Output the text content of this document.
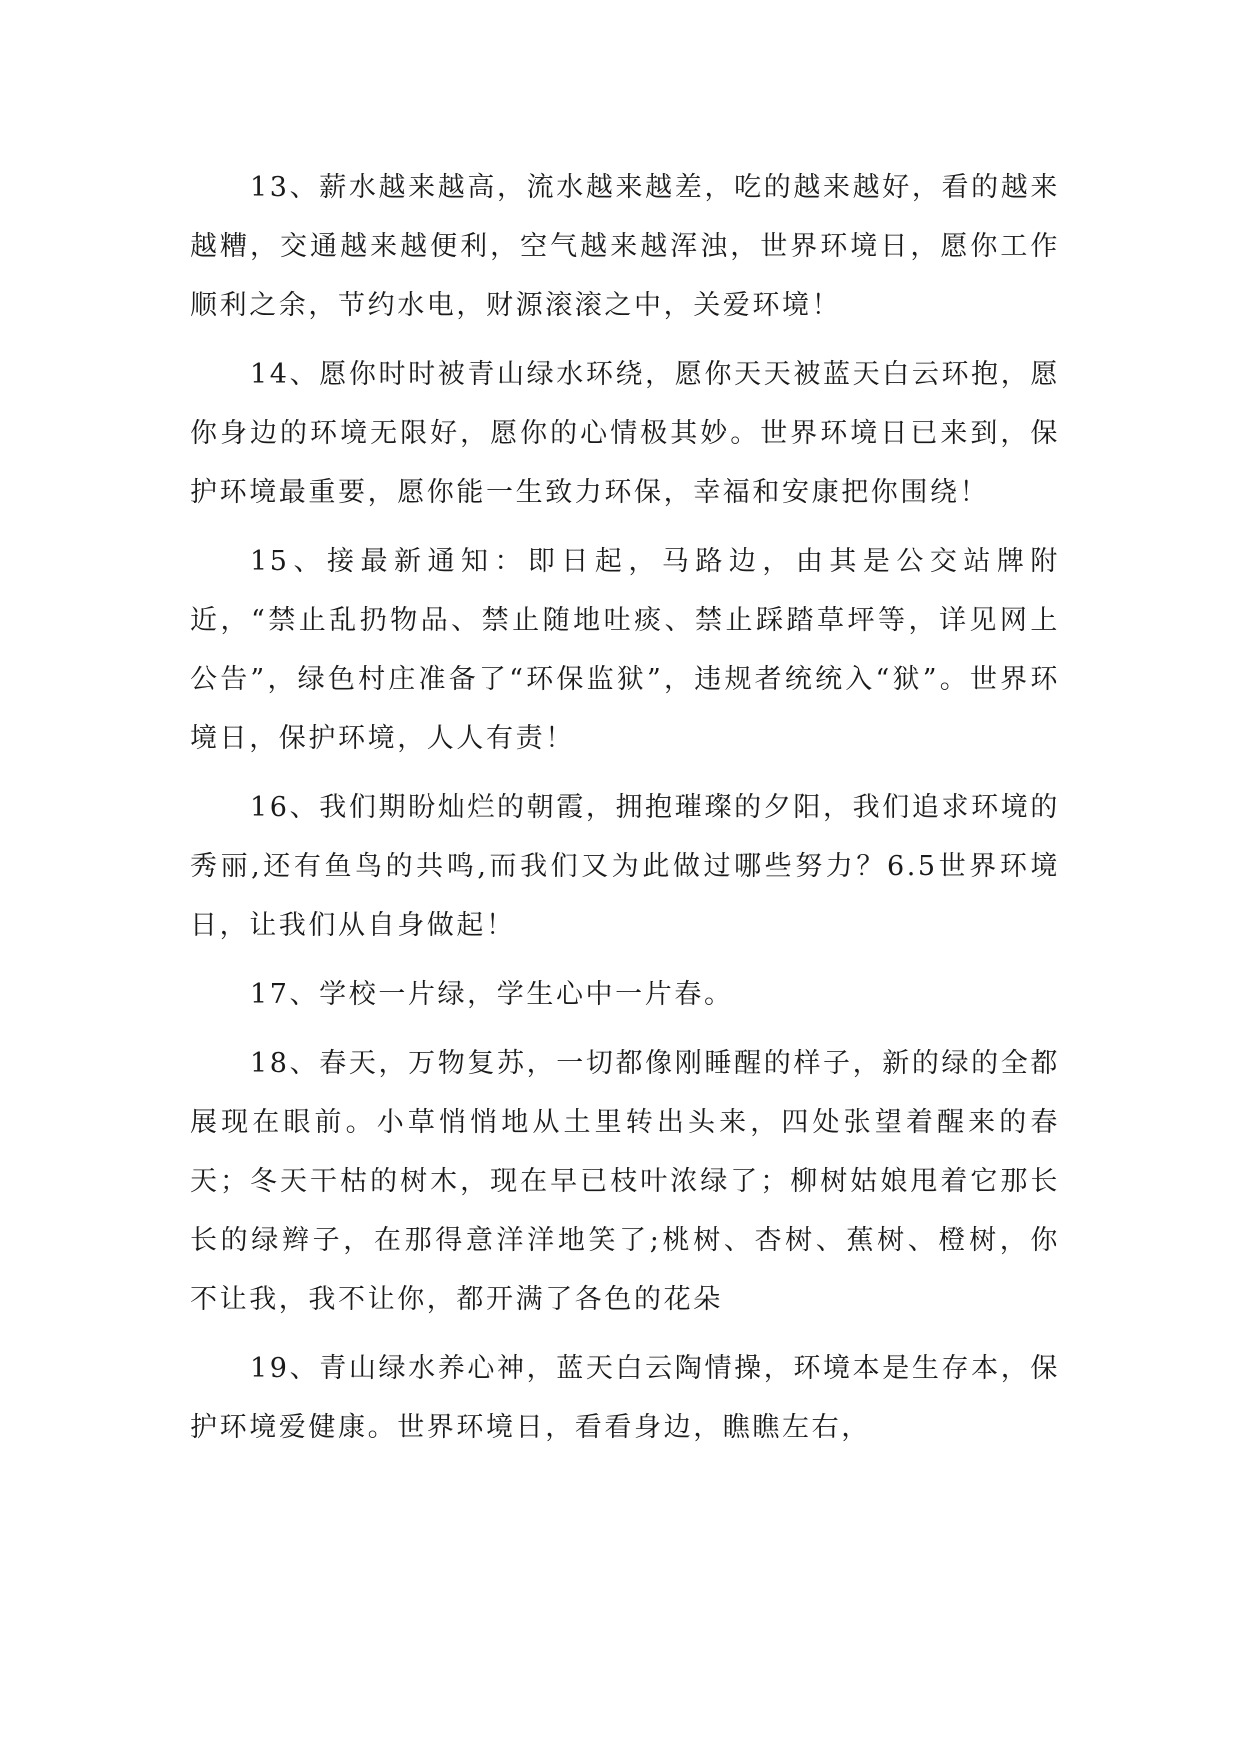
13、薪水越来越高，流水越来越差，吃的越来越好，看的越来越糟，交通越来越便利，空气越来越浑浊，世界环境日，愿你工作顺利之余，节约水电，财源滚滚之中，关爱环境！

14、愿你时时被青山绿水环绕，愿你天天被蓝天白云环抱，愿你身边的环境无限好，愿你的心情极其妙。世界环境日已来到，保护环境最重要，愿你能一生致力环保，幸福和安康把你围绕！

15、接最新通知：即日起，马路边，由其是公交站牌附近，“禁止乱扔物品、禁止随地吐痰、禁止踩踏草坪等，详见网上公告”，绿色村庄准备了“环保监狱”，违规者统统入“狱”。世界环境日，保护环境，人人有责！

16、我们期盼灿烂的朝霞，拥抱璀璨的夕阳，我们追求环境的秀丽,还有鱼鸟的共鸣,而我们又为此做过哪些努力？6.5世界环境日，让我们从自身做起！

17、学校一片绿，学生心中一片春。

18、春天，万物复苏，一切都像刚睡醒的样子，新的绿的全都展现在眼前。小草悄悄地从土里转出头来，四处张望着醒来的春天；冬天干枯的树木，现在早已枝叶浓绿了；柳树姑娘甩着它那长长的绿辫子，在那得意洋洋地笑了;桃树、杏树、蕉树、橙树，你不让我，我不让你，都开满了各色的花朵

19、青山绿水养心神，蓝天白云陶情操，环境本是生存本，保护环境爱健康。世界环境日，看看身边，瞧瞧左右，
